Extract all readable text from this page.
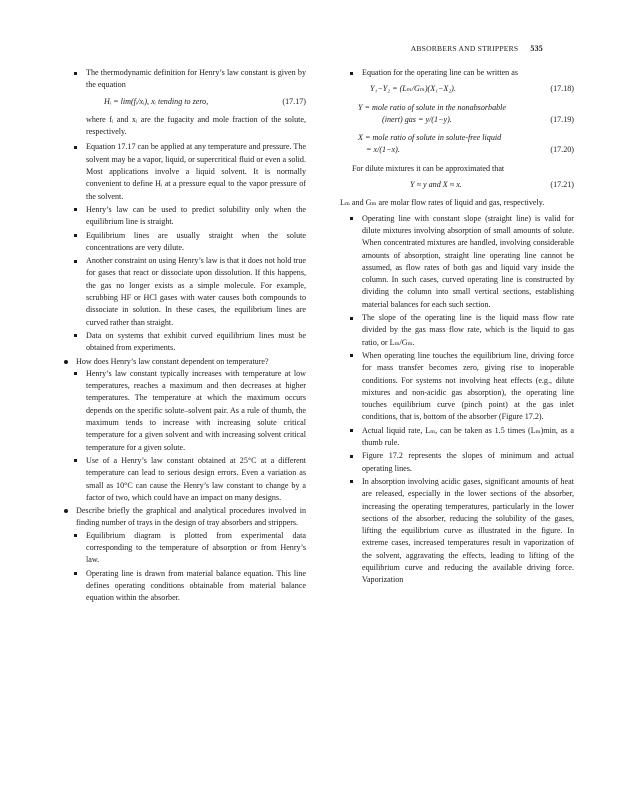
ABSORBERS AND STRIPPERS 535
The thermodynamic definition for Henry’s law constant is given by the equation
Hᵢ = lim(fᵢ/xᵢ), xᵢ tending to zero,	(17.17)

where fᵢ and xᵢ are the fugacity and mole fraction of the solute, respectively.

Equation 17.17 can be applied at any temperature and pressure. The solvent may be a vapor, liquid, or supercritical fluid or even a solid. Most applications involve a liquid solvent. It is normally convenient to define Hᵢ at a pressure equal to the vapor pressure of the solvent.
Henry’s law can be used to predict solubility only when the equilibrium line is straight.
Equilibrium lines are usually straight when the solute concentrations are very dilute.
Another constraint on using Henry’s law is that it does not hold true for gases that react or dissociate upon dissolution. If this happens, the gas no longer exists as a simple molecule. For example, scrubbing HF or HCl gases with water causes both compounds to dissociate in solution. In these cases, the equilibrium lines are curved rather than straight.
Data on systems that exhibit curved equilibrium lines must be obtained from experiments.
How does Henry’s law constant dependent on temperature?
Henry’s law constant typically increases with temperature at low temperatures, reaches a maximum and then decreases at higher temperatures. The temperature at which the maximum occurs depends on the specific solute–solvent pair. As a rule of thumb, the maximum tends to increase with increasing solute critical temperature for a given solvent and with increasing solvent critical temperature for a given solute.
Use of a Henry’s law constant obtained at 25°C at a different temperature can lead to serious design errors. Even a variation as small as 10°C can cause the Henry’s law constant to change by a factor of two, which could have an impact on many designs.
Describe briefly the graphical and analytical procedures involved in finding number of trays in the design of tray absorbers and strippers.
Equilibrium diagram is plotted from experimental data corresponding to the temperature of absorption or from Henry’s law.
Operating line is drawn from material balance equation. This line defines operating conditions obtainable from material balance equation within the absorber.
Equation for the operating line can be written as
Y₁−Y₂ = (Lₘ/Gₘ)(X₁−X₂).	(17.18)
Y = mole ratio of solute in the nonabsorbable
(inert) gas = y/(1−y).	(17.19)
X = mole ratio of solute in solute-free liquid
= x/(1−x).	(17.20)

For dilute mixtures it can be approximated that

Y ≈ y and X ≈ x.	(17.21)

Lₘ and Gₘ are molar flow rates of liquid and gas, respectively.

Operating line with constant slope (straight line) is valid for dilute mixtures involving absorption of small amounts of solute. When concentrated mixtures are handled, involving considerable amounts of absorption, straight line operating line cannot be assumed, as flow rates of both gas and liquid vary inside the column. In such cases, curved operating line is constructed by dividing the column into small vertical sections, establishing material balances for each such section.
The slope of the operating line is the liquid mass flow rate divided by the gas mass flow rate, which is the liquid to gas ratio, or Lₘ/Gₘ.
When operating line touches the equilibrium line, driving force for mass transfer becomes zero, giving rise to inoperable conditions. For systems not involving heat effects (e.g., dilute mixtures and non-acidic gas absorption), the operating line touches equilibrium curve (pinch point) at the gas inlet conditions, that is, bottom of the absorber (Figure 17.2).
Actual liquid rate, Lₘ, can be taken as 1.5 times (Lₘ)min, as a thumb rule.
Figure 17.2 represents the slopes of minimum and actual operating lines.
In absorption involving acidic gases, significant amounts of heat are released, especially in the lower sections of the absorber, increasing the operating temperatures, particularly in the lower sections of the absorber, reducing the solubility of the gases, lifting the equilibrium curve as illustrated in the figure. In extreme cases, increased temperatures result in vaporization of the solvent, aggravating the effects, leading to lifting of the equilibrium curve and reducing the available driving force. Vaporization
